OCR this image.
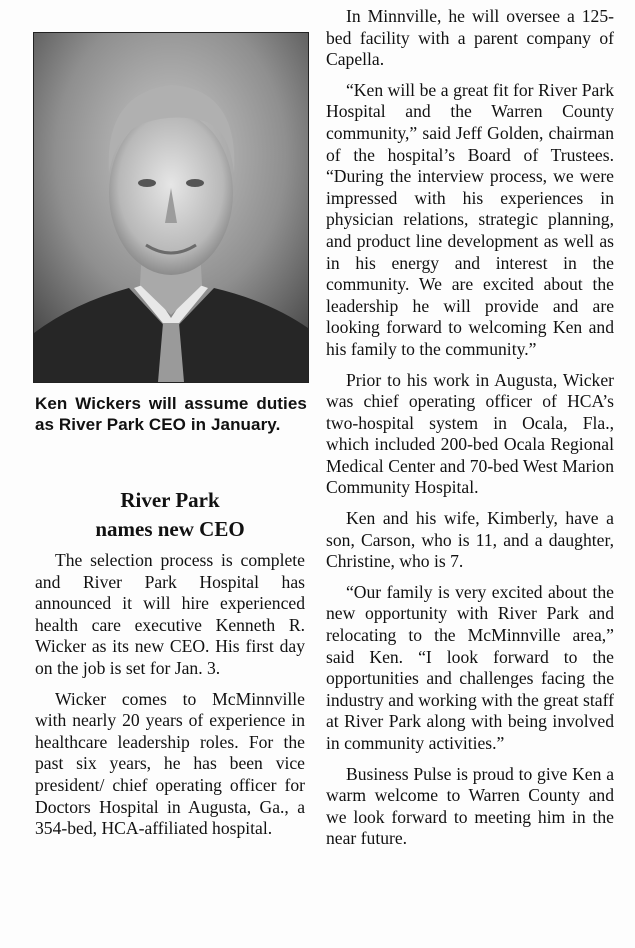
Ken Wickers will assume duties as River Park CEO in January.
River Park
names new CEO

The selection process is complete and River Park Hospital has announced it will hire experienced health care executive Kenneth R. Wicker as its new CEO. His first day on the job is set for Jan. 3.

Wicker comes to McMinnville with nearly 20 years of experience in healthcare leadership roles. For the past six years, he has been vice president/ chief operating officer for Doctors Hospital in Augusta, Ga., a 354-bed, HCA-affiliated hospital.

In Minnville, he will oversee a 125-bed facility with a parent company of Capella.

“Ken will be a great fit for River Park Hospital and the Warren County community,” said Jeff Golden, chairman of the hospital’s Board of Trustees. “During the interview process, we were impressed with his experiences in physician relations, strategic planning, and product line development as well as in his energy and interest in the community. We are excited about the leadership he will provide and are looking forward to welcoming Ken and his family to the community.”

Prior to his work in Augusta, Wicker was chief operating officer of HCA’s two-hospital system in Ocala, Fla., which included 200-bed Ocala Regional Medical Center and 70-bed West Marion Community Hospital.

Ken and his wife, Kimberly, have a son, Carson, who is 11, and a daughter, Christine, who is 7.

“Our family is very excited about the new opportunity with River Park and relocating to the McMinnville area,” said Ken. “I look forward to the opportunities and challenges facing the industry and working with the great staff at River Park along with being involved in community activities.”

Business Pulse is proud to give Ken a warm welcome to Warren County and we look forward to meeting him in the near future.
